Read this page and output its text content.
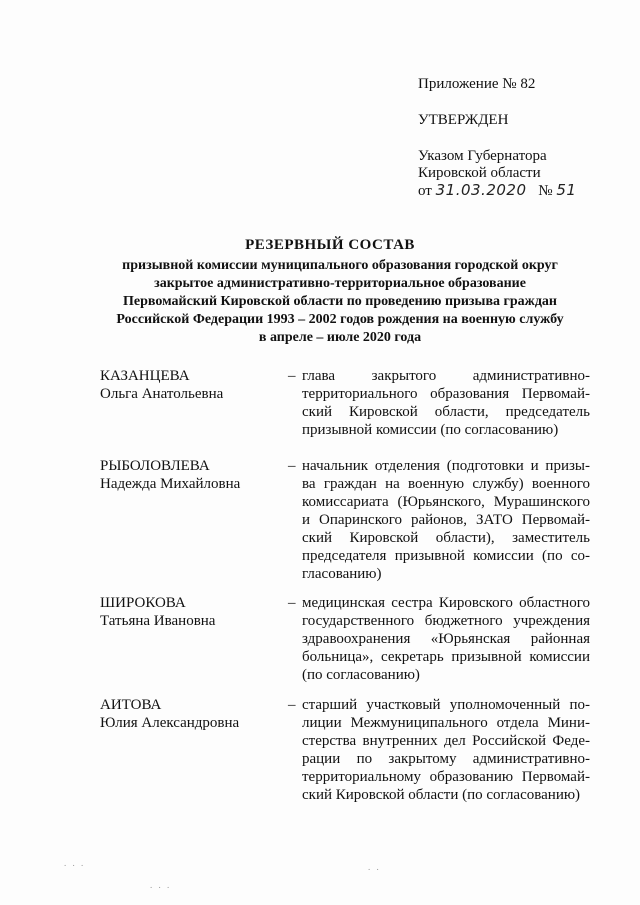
Приложение № 82
УТВЕРЖДЕН
Указом Губернатора
Кировской области
от 31.03.2020 № 51
РЕЗЕРВНЫЙ СОСТАВ
призывной комиссии муниципального образования городской округ
закрытое административно-территориальное образование
Первомайский Кировской области по проведению призыва граждан
Российской Федерации 1993 – 2002 годов рождения на военную службу
в апреле – июле 2020 года
КАЗАНЦЕВА
Ольга Анатольевна
– глава закрытого административно-
территориального образования Первомай-
ский Кировской области, председатель
призывной комиссии (по согласованию)
РЫБОЛОВЛЕВА
Надежда Михайловна
– начальник отделения (подготовки и призы-
ва граждан на военную службу) военного
комиссариата (Юрьянского, Мурашинского
и Опаринского районов, ЗАТО Первомай-
ский Кировской области), заместитель
председателя призывной комиссии (по со-
гласованию)
ШИРОКОВА
Татьяна Ивановна
– медицинская сестра Кировского областного
государственного бюджетного учреждения
здравоохранения «Юрьянская районная
больница», секретарь призывной комиссии
(по согласованию)
АИТОВА
Юлия Александровна
– старший участковый уполномоченный по-
лиции Межмуниципального отдела Мини-
стерства внутренних дел Российской Феде-
рации по закрытому административно-
территориальному образованию Первомай-
ский Кировской области (по согласованию)
. . .
. . .
. .
